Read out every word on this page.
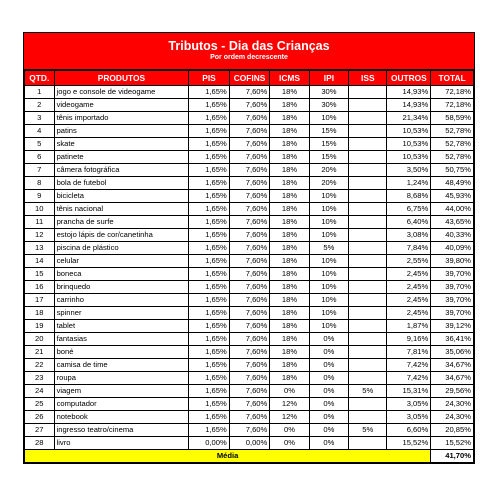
Tributos - Dia das Crianças
Por ordem decrescente
QTD.	PRODUTOS	PIS	COFINS	ICMS	IPI	ISS	OUTROS	TOTAL
1	jogo e console de videogame	1,65%	7,60%	18%	30%		14,93%	72,18%
2	videogame	1,65%	7,60%	18%	30%		14,93%	72,18%
3	tênis importado	1,65%	7,60%	18%	10%		21,34%	58,59%
4	patins	1,65%	7,60%	18%	15%		10,53%	52,78%
5	skate	1,65%	7,60%	18%	15%		10,53%	52,78%
6	patinete	1,65%	7,60%	18%	15%		10,53%	52,78%
7	câmera fotográfica	1,65%	7,60%	18%	20%		3,50%	50,75%
8	bola de futebol	1,65%	7,60%	18%	20%		1,24%	48,49%
9	bicicleta	1,65%	7,60%	18%	10%		8,68%	45,93%
10	tênis nacional	1,65%	7,60%	18%	10%		6,75%	44,00%
11	prancha de surfe	1,65%	7,60%	18%	10%		6,40%	43,65%
12	estojo lápis de cor/canetinha	1,65%	7,60%	18%	10%		3,08%	40,33%
13	piscina de plástico	1,65%	7,60%	18%	5%		7,84%	40,09%
14	celular	1,65%	7,60%	18%	10%		2,55%	39,80%
15	boneca	1,65%	7,60%	18%	10%		2,45%	39,70%
16	brinquedo	1,65%	7,60%	18%	10%		2,45%	39,70%
17	carrinho	1,65%	7,60%	18%	10%		2,45%	39,70%
18	spinner	1,65%	7,60%	18%	10%		2,45%	39,70%
19	tablet	1,65%	7,60%	18%	10%		1,87%	39,12%
20	fantasias	1,65%	7,60%	18%	0%		9,16%	36,41%
21	boné	1,65%	7,60%	18%	0%		7,81%	35,06%
22	camisa de time	1,65%	7,60%	18%	0%		7,42%	34,67%
23	roupa	1,65%	7,60%	18%	0%		7,42%	34,67%
24	viagem	1,65%	7,60%	0%	0%	5%	15,31%	29,56%
25	computador	1,65%	7,60%	12%	0%		3,05%	24,30%
26	notebook	1,65%	7,60%	12%	0%		3,05%	24,30%
27	ingresso teatro/cinema	1,65%	7,60%	0%	0%	5%	6,60%	20,85%
28	livro	0,00%	0,00%	0%	0%		15,52%	15,52%
Média								41,70%
